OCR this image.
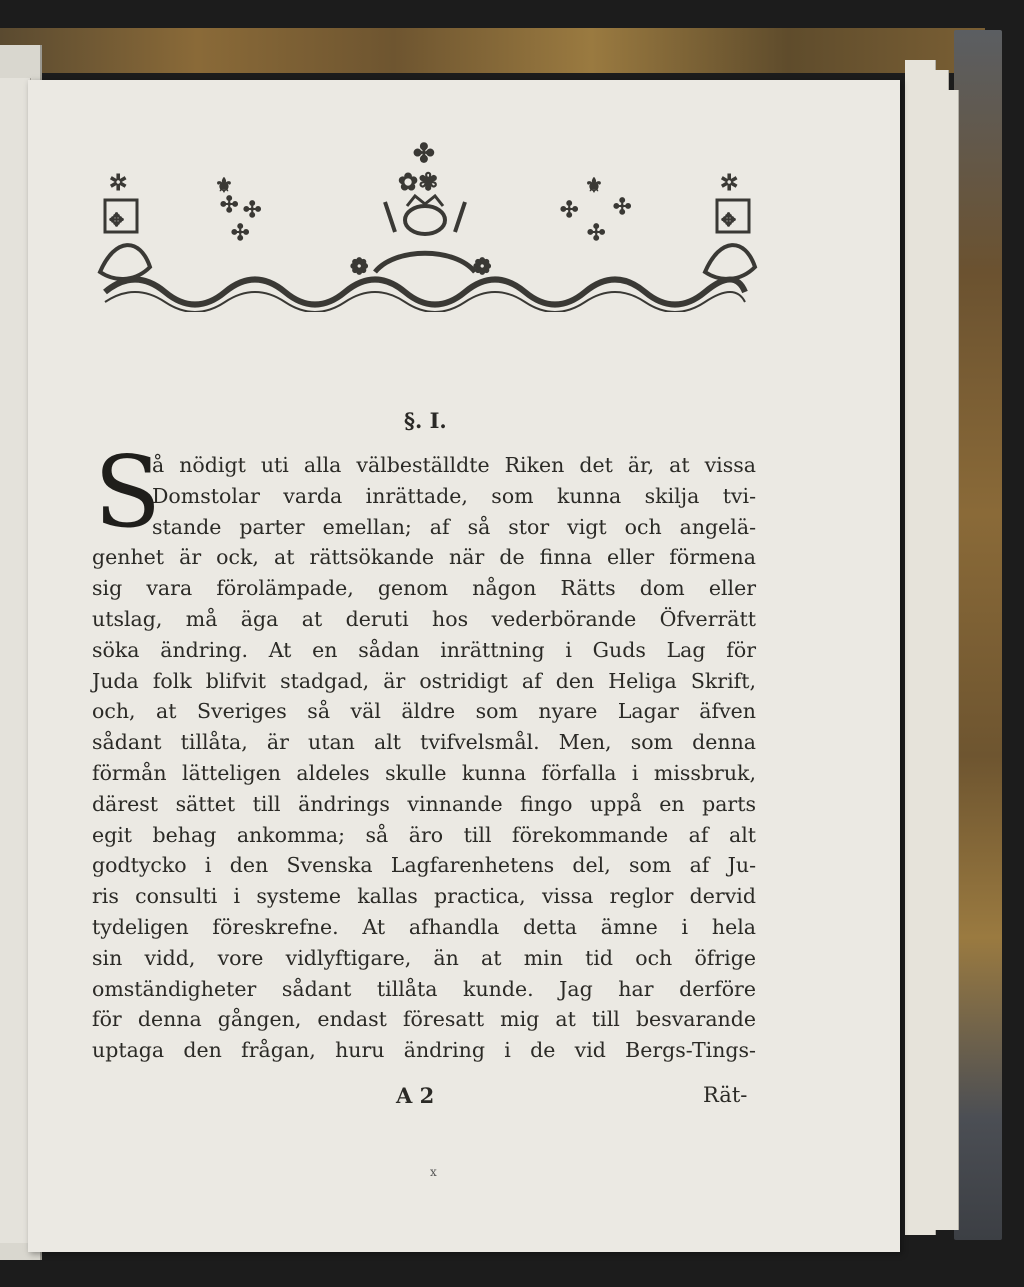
✲
✥
⚜
✣ ✣
✣
✤
✿✾
❁	❁
⚜
✣ ✣
✣
✲
✥
§. I.
S
å nödigt uti alla välbeställdte Riken det är, at vissa
Domstolar varda inrättade, som kunna skilja tvi-
stande parter emellan; af så stor vigt och angelä-
genhet är ock, at rättsökande när de finna eller förmena
sig vara förolämpade, genom någon Rätts dom eller
utslag, må äga at deruti hos vederbörande Öfverrätt
söka ändring. At en sådan inrättning i Guds Lag för
Juda folk blifvit stadgad, är ostridigt af den Heliga Skrift,
och, at Sveriges så väl äldre som nyare Lagar äfven
sådant tillåta, är utan alt tvifvelsmål. Men, som denna
förmån lätteligen aldeles skulle kunna förfalla i missbruk,
därest sättet till ändrings vinnande fingo uppå en parts
egit behag ankomma; så äro till förekommande af alt
godtycko i den Svenska Lagfarenhetens del, som af Ju-
ris consulti i systeme kallas practica, vissa reglor dervid
tydeligen föreskrefne. At afhandla detta ämne i hela
sin vidd, vore vidlyftigare, än at min tid och öfrige
omständigheter sådant tillåta kunde. Jag har derföre
för denna gången, endast föresatt mig at till besvarande
uptaga den frågan, huru ändring i de vid Bergs-Tings-
A 2	Rät-
x
